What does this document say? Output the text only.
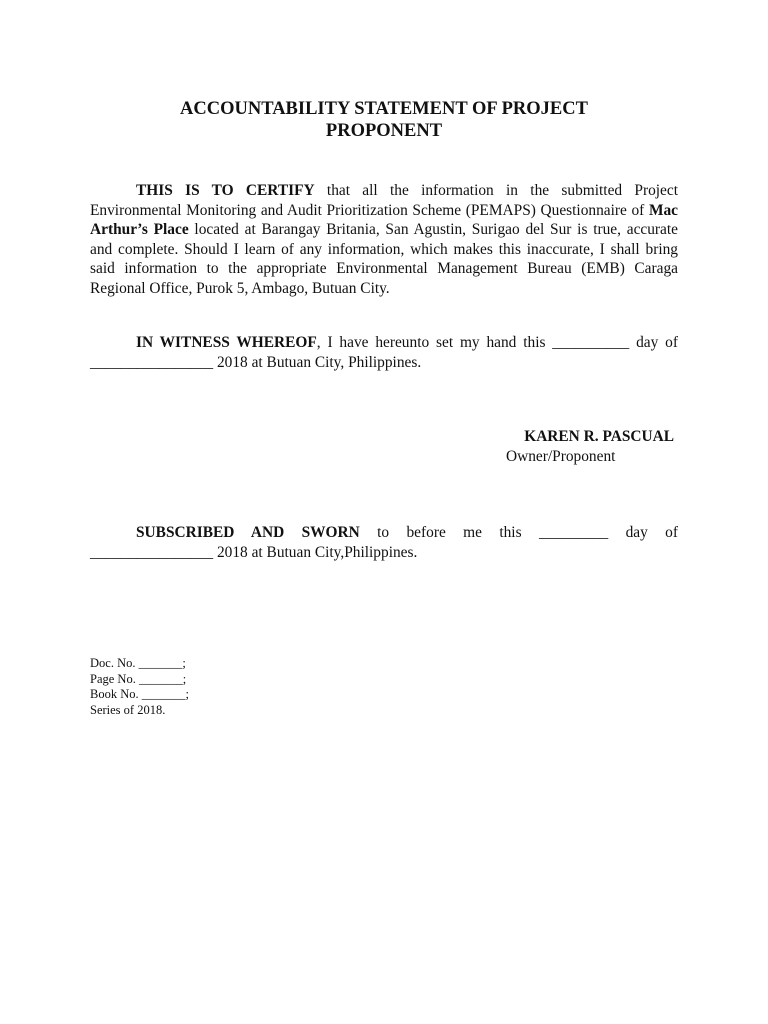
ACCOUNTABILITY STATEMENT OF PROJECT
PROPONENT

THIS IS TO CERTIFY that all the information in the submitted Project Environmental Monitoring and Audit Prioritization Scheme (PEMAPS) Questionnaire of Mac Arthur’s Place located at Barangay Britania, San Agustin, Surigao del Sur is true, accurate and complete. Should I learn of any information, which makes this inaccurate, I shall bring said information to the appropriate Environmental Management Bureau (EMB) Caraga Regional Office, Purok 5, Ambago, Butuan City.

IN WITNESS WHEREOF, I have hereunto set my hand this __________ day of ________________ 2018 at Butuan City, Philippines.

KAREN R. PASCUAL
Owner/Proponent

SUBSCRIBED AND SWORN to before me this _________ day of ________________ 2018 at Butuan City,Philippines.

Doc. No. _______;
Page No. _______;
Book No. _______;
Series of 2018.
